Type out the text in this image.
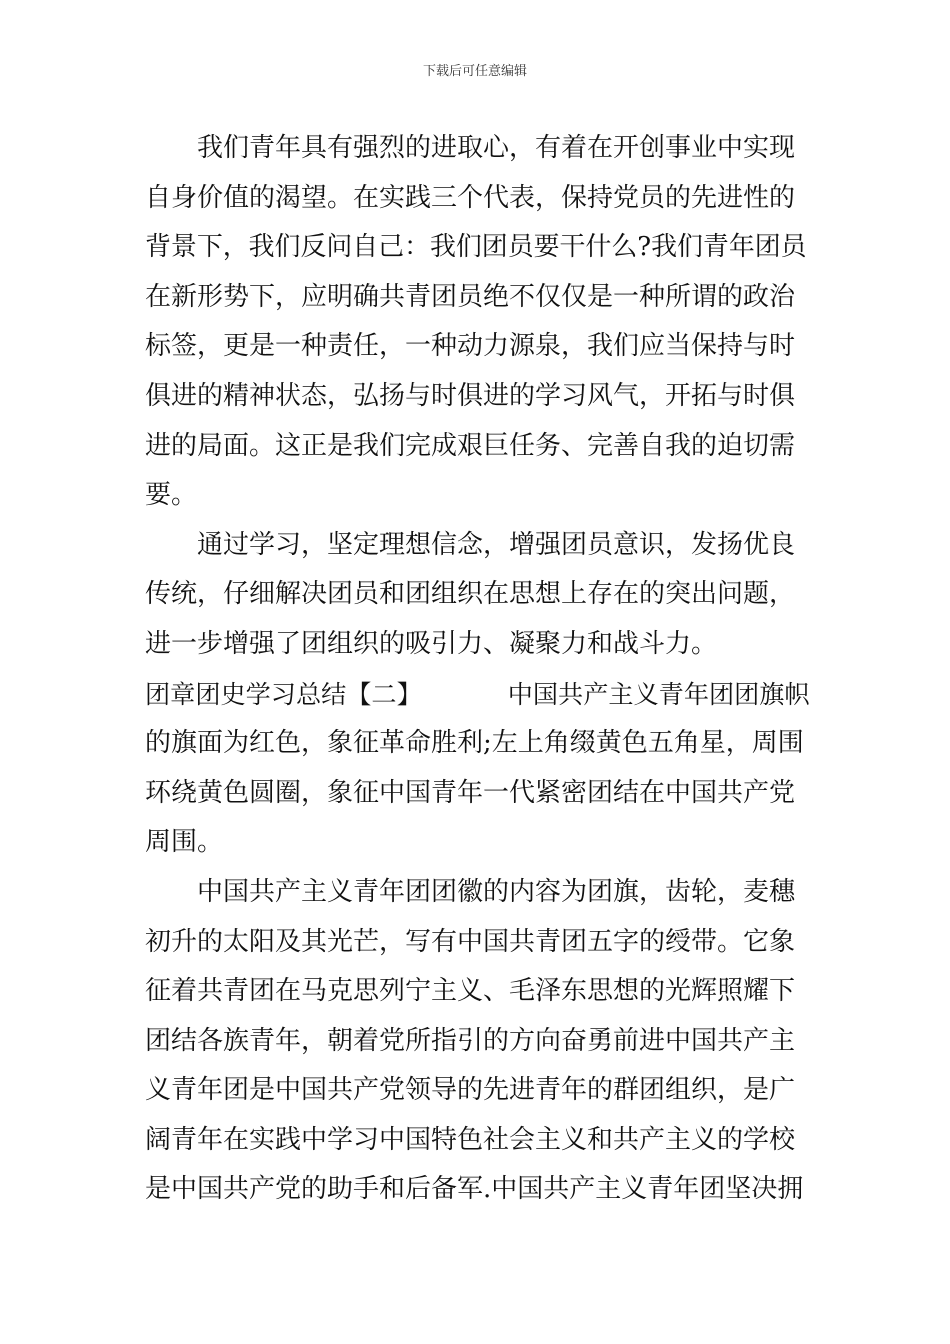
下载后可任意编辑
我们青年具有强烈的进取心，有着在开创事业中实现
自身价值的渴望。在实践三个代表，保持党员的先进性的
背景下，我们反问自己：我们团员要干什么?我们青年团员
在新形势下，应明确共青团员绝不仅仅是一种所谓的政治
标签，更是一种责任，一种动力源泉，我们应当保持与时
俱进的精神状态，弘扬与时俱进的学习风气，开拓与时俱
进的局面。这正是我们完成艰巨任务、完善自我的迫切需
要。
通过学习，坚定理想信念，增强团员意识，发扬优良
传统，仔细解决团员和团组织在思想上存在的突出问题，
进一步增强了团组织的吸引力、凝聚力和战斗力。
团章团史学习总结【二】	中国共产主义青年团团旗帜
的旗面为红色，象征革命胜利;左上角缀黄色五角星，周围
环绕黄色圆圈，象征中国青年一代紧密团结在中国共产党
周围。
中国共产主义青年团团徽的内容为团旗，齿轮，麦穗
初升的太阳及其光芒，写有中国共青团五字的绶带。它象
征着共青团在马克思列宁主义、毛泽东思想的光辉照耀下
团结各族青年，朝着党所指引的方向奋勇前进中国共产主
义青年团是中国共产党领导的先进青年的群团组织，是广
阔青年在实践中学习中国特色社会主义和共产主义的学校
是中国共产党的助手和后备军.中国共产主义青年团坚决拥
